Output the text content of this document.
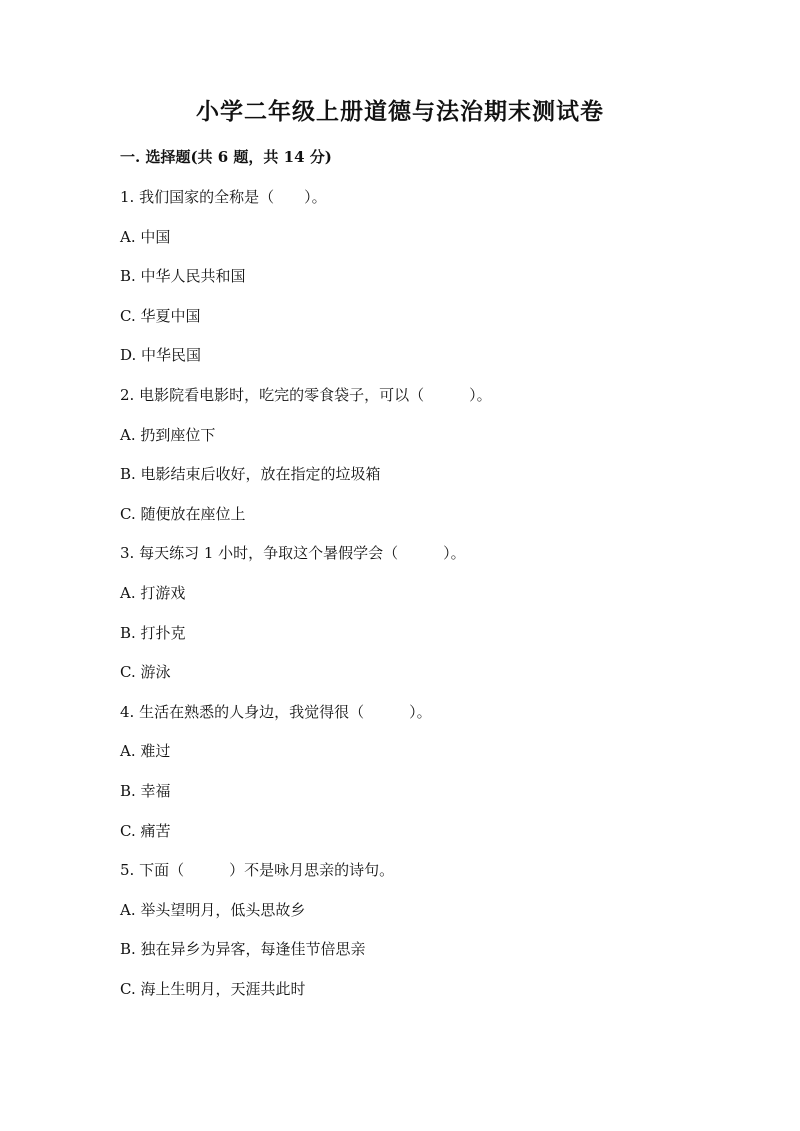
小学二年级上册道德与法治期末测试卷
一. 选择题(共 6 题，共 14 分)
1. 我们国家的全称是（　　）。
A. 中国
B. 中华人民共和国
C. 华夏中国
D. 中华民国
2. 电影院看电影时，吃完的零食袋子，可以（　　　）。
A. 扔到座位下
B. 电影结束后收好，放在指定的垃圾箱
C. 随便放在座位上
3. 每天练习 1 小时，争取这个暑假学会（　　　）。
A. 打游戏
B. 打扑克
C. 游泳
4. 生活在熟悉的人身边，我觉得很（　　　）。
A. 难过
B. 幸福
C. 痛苦
5. 下面（　　　）不是咏月思亲的诗句。
A. 举头望明月，低头思故乡
B. 独在异乡为异客，每逢佳节倍思亲
C. 海上生明月，天涯共此时
